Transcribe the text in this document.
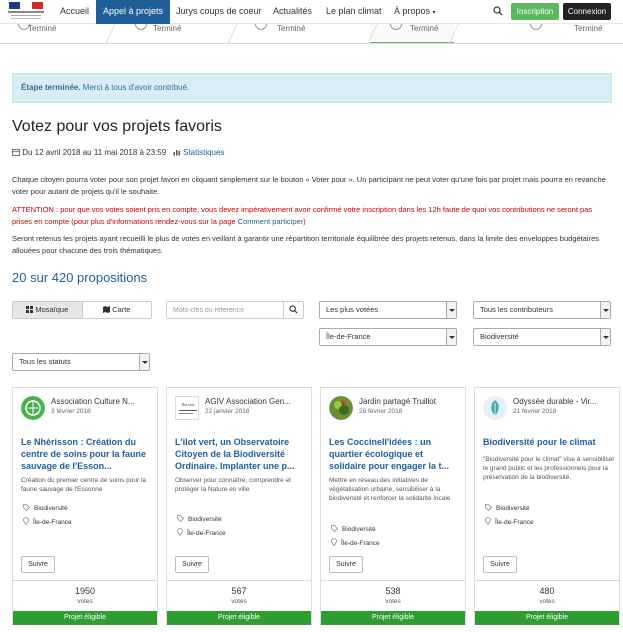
Accueil	Appel à projets	Jurys coups de coeur Actualités Le plan climat À propos ▾	Inscription	Connexion
Terminé	Terminé	Terminé	Terminé	Terminé
Étape terminée. Merci à tous d'avoir contribué.
Votez pour vos projets favoris
Du 12 avril 2018 au 11 mai 2018 à 23:59 Statistiques
Chaque citoyen pourra voter pour son projet favori en cliquant simplement sur le bouton « Voter pour ». Un participant ne peut voter qu'une fois par projet mais pourra en revanche voter pour autant de projets qu'il le souhaite.
ATTENTION : pour que vos votes soient pris en compte, vous devez impérativement avoir confirmé votre inscription dans les 12h faute de quoi vos contributions ne seront pas prises en compte (pour plus d'informations rendez-vous sur la page Comment participer)
Seront retenus les projets ayant recueilli le plus de votes en veillant à garantir une répartition territoriale équilibrée des projets retenus, dans la limite des enveloppes budgétaires allouées pour chacune des trois thématiques.
20 sur 420 propositions
Mosaïque	Carte
Mots-clés ou référence	Les plus votées	Tous les contributeurs
Île-de-France	Biodiversité
Tous les statuts
Association Culture N...
3 février 2018
Le Nhérisson : Création du centre de soins pour la faune sauvage de l'Esson...
Création du premier centre de soins pour la faune sauvage de l'Essonne
Biodiversité
Île-de-France
Suivre
1950
votes
Projet éligible
Ilot vert AGIV Association Gen...
22 janvier 2018
L'ilot vert, un Observatoire Citoyen de la Biodiversité Ordinaire. Implanter une p...
Observer pour connaître, comprendre et protéger la Nature en ville
Biodiversité
Île-de-France
Suivre
567
votes
Projet éligible
Jardin partagé Truillot
28 février 2018
Les Coccinell'idées : un quartier écologique et solidaire pour engager la t...
Mettre en réseau des initiatives de végétalisation urbaine, sensibiliser à la biodiversité et renforcer la solidarité locale
Biodiversité
Île-de-France
Suivre
538
votes
Projet éligible
Odyssée durable - Vir...
21 février 2018
Biodiversité pour le climat
"Biodiversité pour le climat" vise à sensibiliser le grand public et les professionnels pour la préservation de la biodiversité.
Biodiversité
Île-de-France
Suivre
480
votes
Projet éligible
